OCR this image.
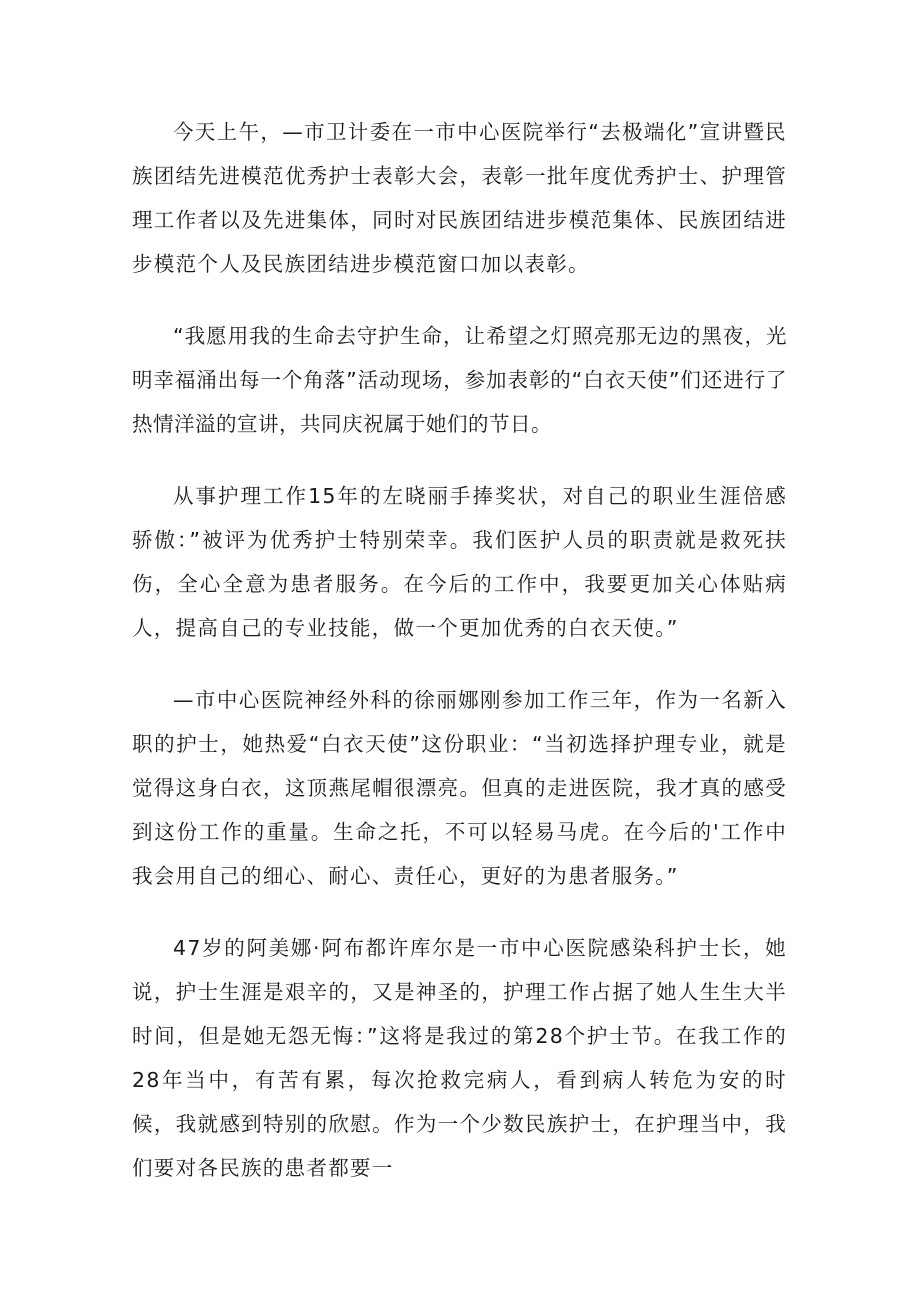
今天上午，—市卫计委在一市中心医院举行“去极端化”宣讲暨民族团结先进模范优秀护士表彰大会，表彰一批年度优秀护士、护理管理工作者以及先进集体，同时对民族团结进步模范集体、民族团结进步模范个人及民族团结进步模范窗口加以表彰。

“我愿用我的生命去守护生命，让希望之灯照亮那无边的黑夜，光明幸福涌出每一个角落”活动现场，参加表彰的“白衣天使”们还进行了热情洋溢的宣讲，共同庆祝属于她们的节日。

从事护理工作15年的左晓丽手捧奖状，对自己的职业生涯倍感骄傲：”被评为优秀护士特别荣幸。我们医护人员的职责就是救死扶伤，全心全意为患者服务。在今后的工作中，我要更加关心体贴病人，提高自己的专业技能，做一个更加优秀的白衣天使。”

—市中心医院神经外科的徐丽娜刚参加工作三年，作为一名新入职的护士，她热爱“白衣天使”这份职业：“当初选择护理专业，就是觉得这身白衣，这顶燕尾帽很漂亮。但真的走进医院，我才真的感受到这份工作的重量。生命之托，不可以轻易马虎。在今后的'工作中我会用自己的细心、耐心、责任心，更好的为患者服务。”

47岁的阿美娜·阿布都许库尔是一市中心医院感染科护士长，她说，护士生涯是艰辛的，又是神圣的，护理工作占据了她人生生大半时间，但是她无怨无悔：”这将是我过的第28个护士节。在我工作的28年当中，有苦有累，每次抢救完病人，看到病人转危为安的时候，我就感到特别的欣慰。作为一个少数民族护士，在护理当中，我们要对各民族的患者都要一
